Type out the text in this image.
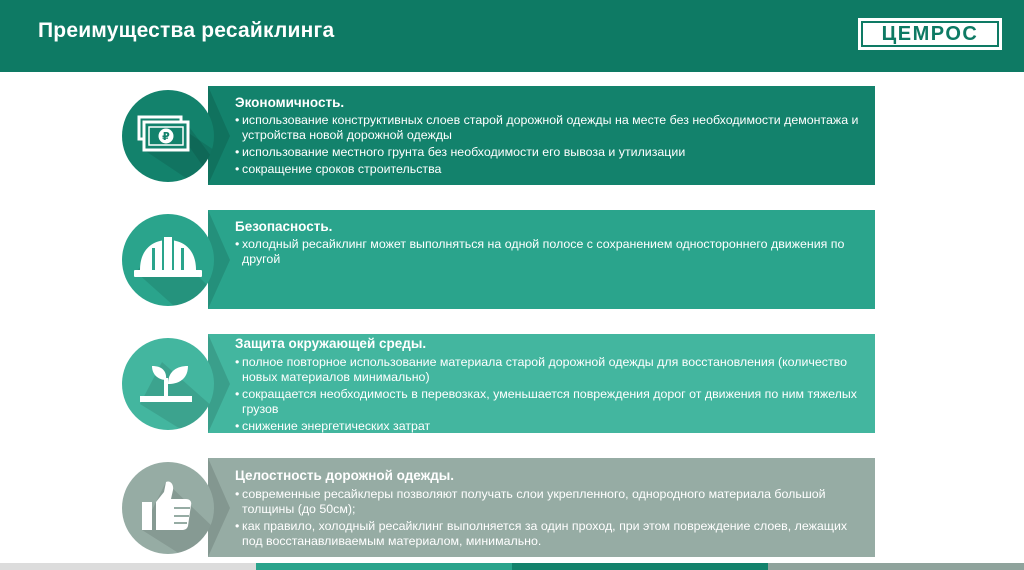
Преимущества ресайклинга	ЦЕМРОС
Экономичность.
• использование конструктивных слоев старой дорожной одежды на месте без необходимости демонтажа и устройства новой дорожной одежды
• использование местного грунта без необходимости его вывоза и утилизации
• сокращение сроков строительства
₽
Безопасность.
• холодный ресайклинг может выполняться на одной полосе с сохранением одностороннего движения по другой
Защита окружающей среды.
• полное повторное использование материала старой дорожной одежды для восстановления (количество новых материалов минимально)
• сокращается необходимость в перевозках, уменьшается повреждения дорог от движения по ним тяжелых грузов
• снижение энергетических затрат
Целостность дорожной одежды.
• современные ресайклеры позволяют получать слои укрепленного, однородного материала большой толщины (до 50см);
• как правило, холодный ресайклинг выполняется за один проход, при этом повреждение слоев, лежащих под восстанавливаемым материалом, минимально.
